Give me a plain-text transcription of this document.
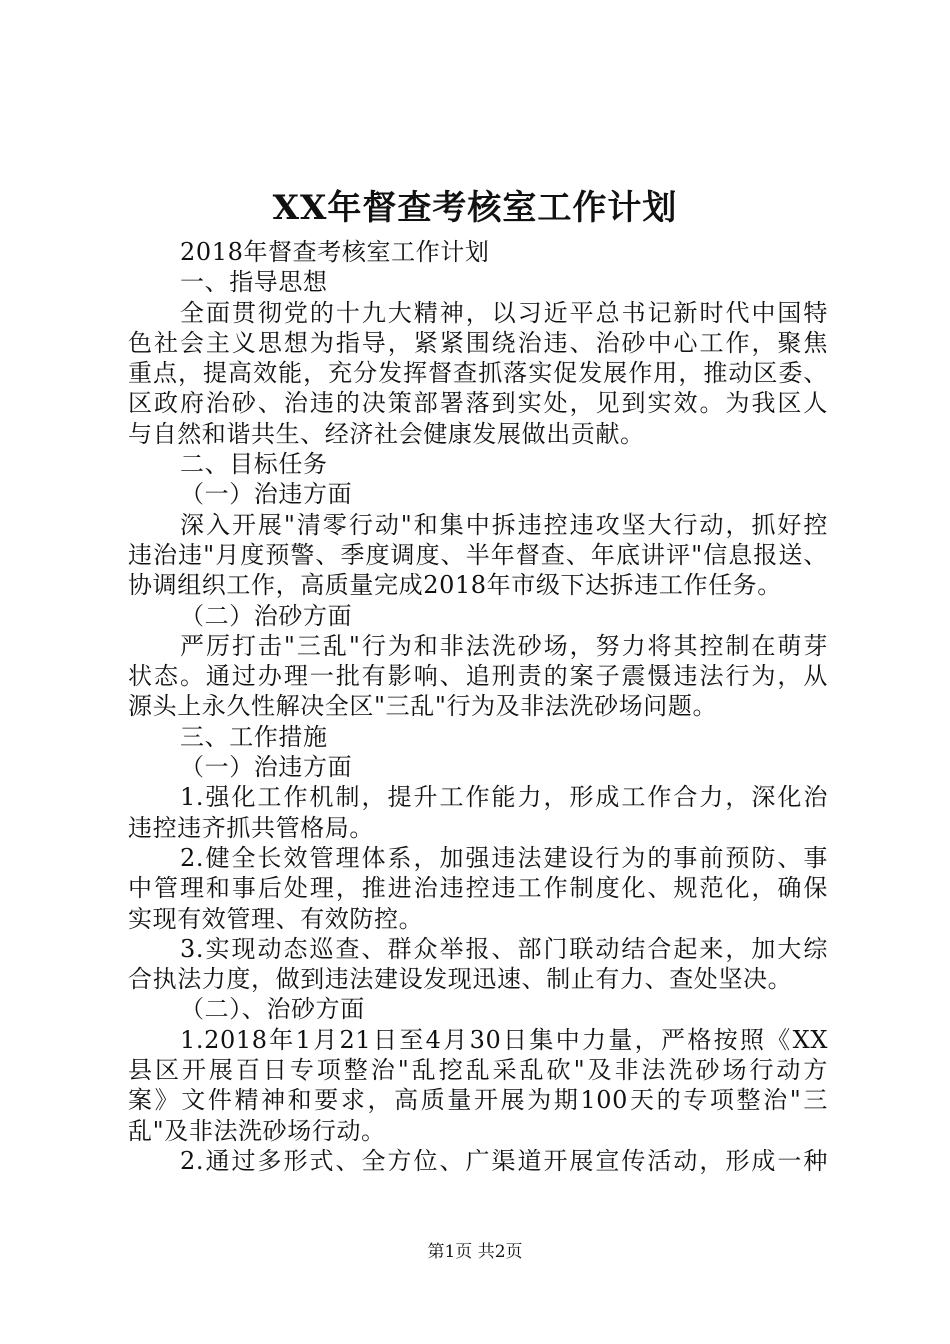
XX年督查考核室工作计划
2018年督查考核室工作计划
一、指导思想
全面贯彻党的十九大精神，以习近平总书记新时代中国特
色社会主义思想为指导，紧紧围绕治违、治砂中心工作，聚焦
重点，提高效能，充分发挥督查抓落实促发展作用，推动区委、
区政府治砂、治违的决策部署落到实处，见到实效。为我区人
与自然和谐共生、经济社会健康发展做出贡献。
二、目标任务
（一）治违方面
深入开展"清零行动"和集中拆违控违攻坚大行动，抓好控
违治违"月度预警、季度调度、半年督查、年底讲评"信息报送、
协调组织工作，高质量完成2018年市级下达拆违工作任务。
（二）治砂方面
严厉打击"三乱"行为和非法洗砂场，努力将其控制在萌芽
状态。通过办理一批有影响、追刑责的案子震慑违法行为，从
源头上永久性解决全区"三乱"行为及非法洗砂场问题。
三、工作措施
（一）治违方面
1.强化工作机制，提升工作能力，形成工作合力，深化治
违控违齐抓共管格局。
2.健全长效管理体系，加强违法建设行为的事前预防、事
中管理和事后处理，推进治违控违工作制度化、规范化，确保
实现有效管理、有效防控。
3.实现动态巡查、群众举报、部门联动结合起来，加大综
合执法力度，做到违法建设发现迅速、制止有力、查处坚决。
（二）、治砂方面
1.2018年1月21日至4月30日集中力量，严格按照《XX
县区开展百日专项整治"乱挖乱采乱砍"及非法洗砂场行动方
案》文件精神和要求，高质量开展为期100天的专项整治"三
乱"及非法洗砂场行动。
2.通过多形式、全方位、广渠道开展宣传活动，形成一种
第1页 共2页
